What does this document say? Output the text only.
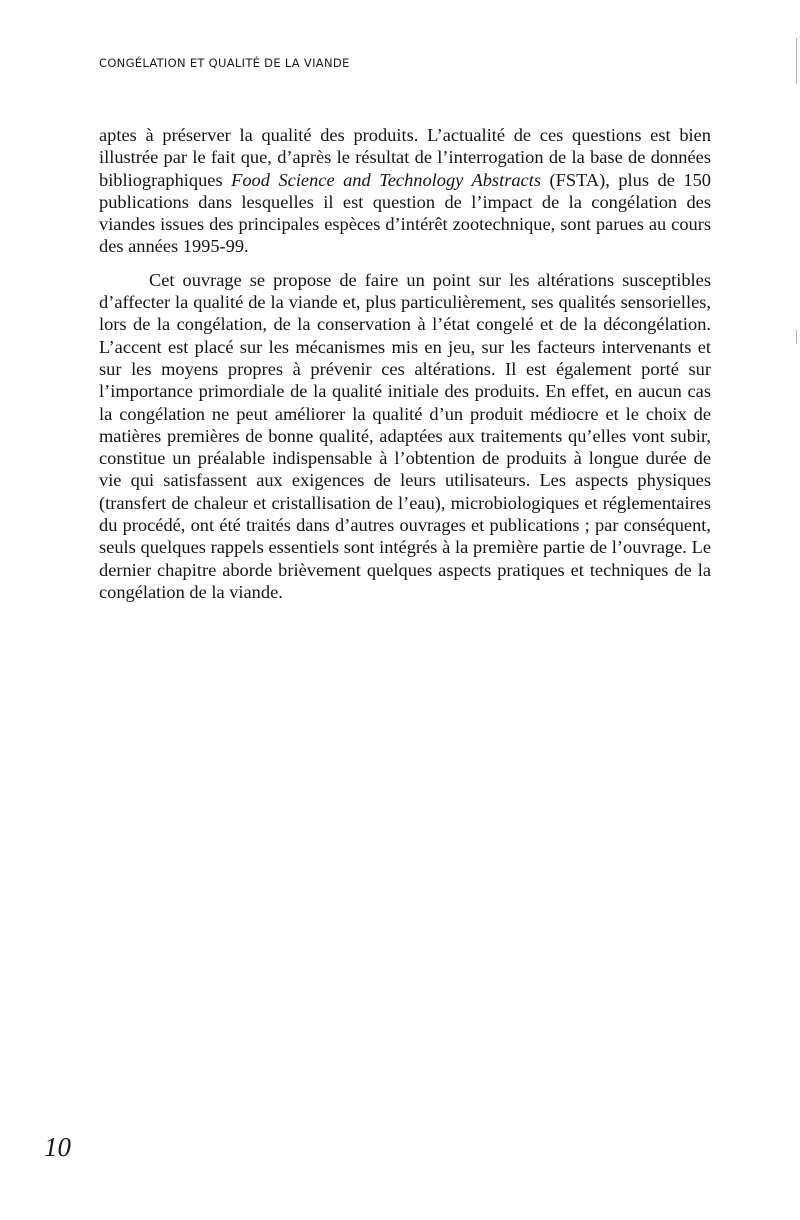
CONGÉLATION ET QUALITÉ DE LA VIANDE

aptes à préserver la qualité des produits. L’actualité de ces questions est bien illustrée par le fait que, d’après le résultat de l’interrogation de la base de données bibliographiques Food Science and Technology Abstracts (FSTA), plus de 150 publications dans lesquelles il est question de l’impact de la congélation des viandes issues des principales espèces d’intérêt zootechnique, sont parues au cours des années 1995-99.

Cet ouvrage se propose de faire un point sur les altérations susceptibles d’affecter la qualité de la viande et, plus particulièrement, ses qualités sensorielles, lors de la congélation, de la conservation à l’état congelé et de la décongélation. L’accent est placé sur les mécanismes mis en jeu, sur les facteurs intervenants et sur les moyens propres à prévenir ces altérations. Il est également porté sur l’importance primordiale de la qualité initiale des produits. En effet, en aucun cas la congélation ne peut améliorer la qualité d’un produit médiocre et le choix de matières premières de bonne qualité, adaptées aux traitements qu’elles vont subir, constitue un préalable indispensable à l’obtention de produits à longue durée de vie qui satisfassent aux exigences de leurs utilisateurs. Les aspects physiques (transfert de chaleur et cristallisation de l’eau), microbiologiques et réglementaires du procédé, ont été traités dans d’autres ouvrages et publications ; par conséquent, seuls quelques rappels essentiels sont intégrés à la première partie de l’ouvrage. Le dernier chapitre aborde brièvement quelques aspects pratiques et techniques de la congélation de la viande.

10
